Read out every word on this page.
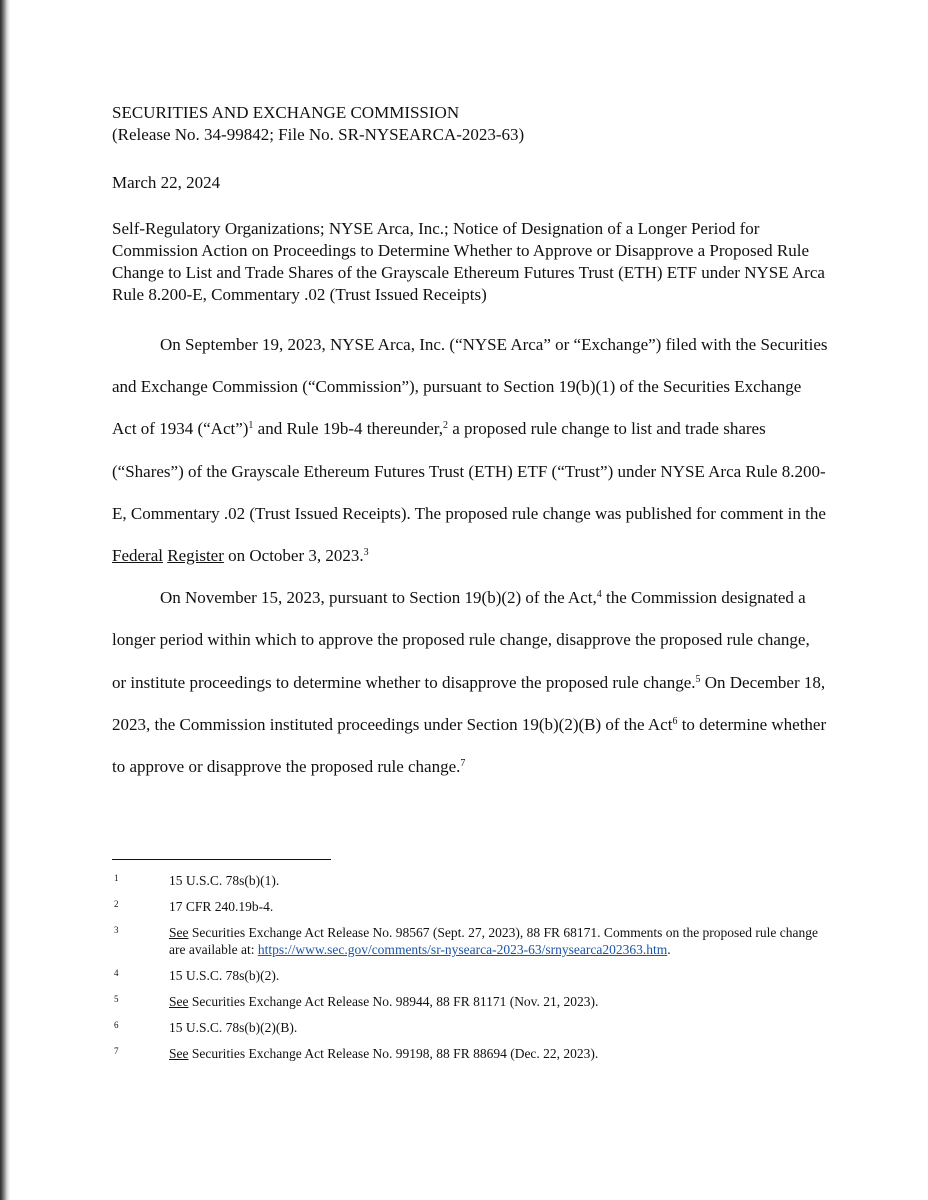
SECURITIES AND EXCHANGE COMMISSION

(Release No. 34-99842; File No. SR-NYSEARCA-2023-63)

March 22, 2024

Self-Regulatory Organizations; NYSE Arca, Inc.; Notice of Designation of a Longer Period for Commission Action on Proceedings to Determine Whether to Approve or Disapprove a Proposed Rule Change to List and Trade Shares of the Grayscale Ethereum Futures Trust (ETH) ETF under NYSE Arca Rule 8.200-E, Commentary .02 (Trust Issued Receipts)

On September 19, 2023, NYSE Arca, Inc. (“NYSE Arca” or “Exchange”) filed with the Securities and Exchange Commission (“Commission”), pursuant to Section 19(b)(1) of the Securities Exchange Act of 1934 (“Act”)$^1$ and Rule 19b-4 thereunder,$^2$ a proposed rule change to list and trade shares (“Shares”) of the Grayscale Ethereum Futures Trust (ETH) ETF (“Trust”) under NYSE Arca Rule 8.200-E, Commentary .02 (Trust Issued Receipts). The proposed rule change was published for comment in the Federal Register on October 3, 2023.$^3$

On November 15, 2023, pursuant to Section 19(b)(2) of the Act,$^4$ the Commission designated a longer period within which to approve the proposed rule change, disapprove the proposed rule change, or institute proceedings to determine whether to disapprove the proposed rule change.$^5$ On December 18, 2023, the Commission instituted proceedings under Section 19(b)(2)(B) of the Act$^6$ to determine whether to approve or disapprove the proposed rule change.$^7$

1	15 U.S.C. 78s(b)(1).

2	17 CFR 240.19b-4.

3	See Securities Exchange Act Release No. 98567 (Sept. 27, 2023), 88 FR 68171. Comments on the proposed rule change are available at: https://www.sec.gov/comments/sr-nysearca-2023-63/srnysearca202363.htm.

4	15 U.S.C. 78s(b)(2).

5	See Securities Exchange Act Release No. 98944, 88 FR 81171 (Nov. 21, 2023).

6	15 U.S.C. 78s(b)(2)(B).

7	See Securities Exchange Act Release No. 99198, 88 FR 88694 (Dec. 22, 2023).
